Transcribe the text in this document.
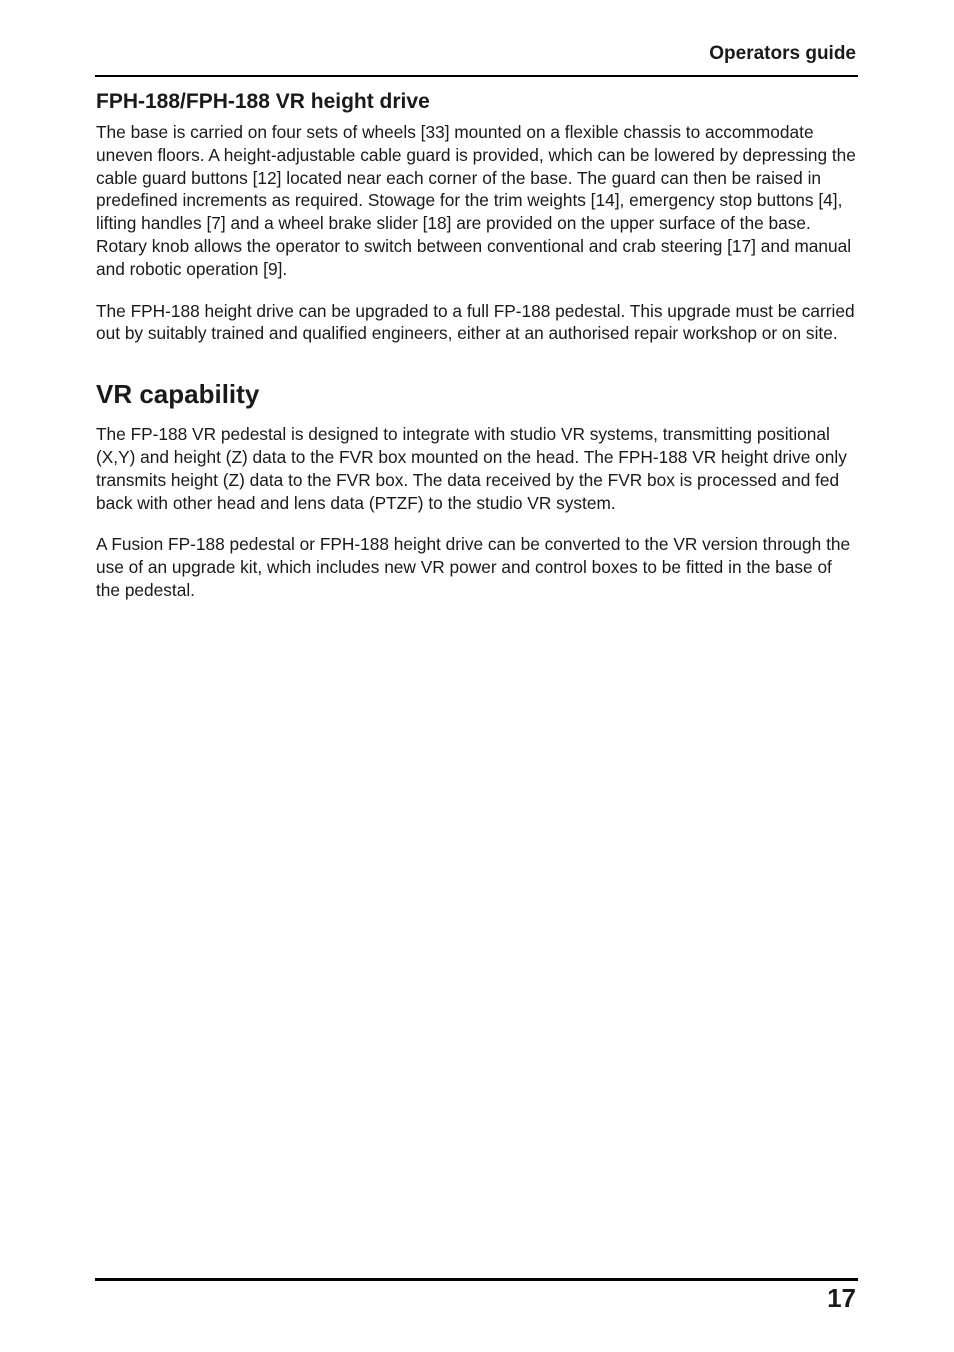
Operators guide
FPH-188/FPH-188 VR height drive

The base is carried on four sets of wheels [33] mounted on a flexible chassis to accommodate uneven floors. A height-adjustable cable guard is provided, which can be lowered by depressing the cable guard buttons [12] located near each corner of the base. The guard can then be raised in predefined increments as required. Stowage for the trim weights [14], emergency stop buttons [4], lifting handles [7] and a wheel brake slider [18] are provided on the upper surface of the base. Rotary knob allows the operator to switch between conventional and crab steering [17] and manual and robotic operation [9].

The FPH-188 height drive can be upgraded to a full FP-188 pedestal. This upgrade must be carried out by suitably trained and qualified engineers, either at an authorised repair workshop or on site.

VR capability

The FP-188 VR pedestal is designed to integrate with studio VR systems, transmitting positional (X,Y) and height (Z) data to the FVR box mounted on the head. The FPH-188 VR height drive only transmits height (Z) data to the FVR box. The data received by the FVR box is processed and fed back with other head and lens data (PTZF) to the studio VR system.

A Fusion FP-188 pedestal or FPH-188 height drive can be converted to the VR version through the use of an upgrade kit, which includes new VR power and control boxes to be fitted in the base of the pedestal.

17
